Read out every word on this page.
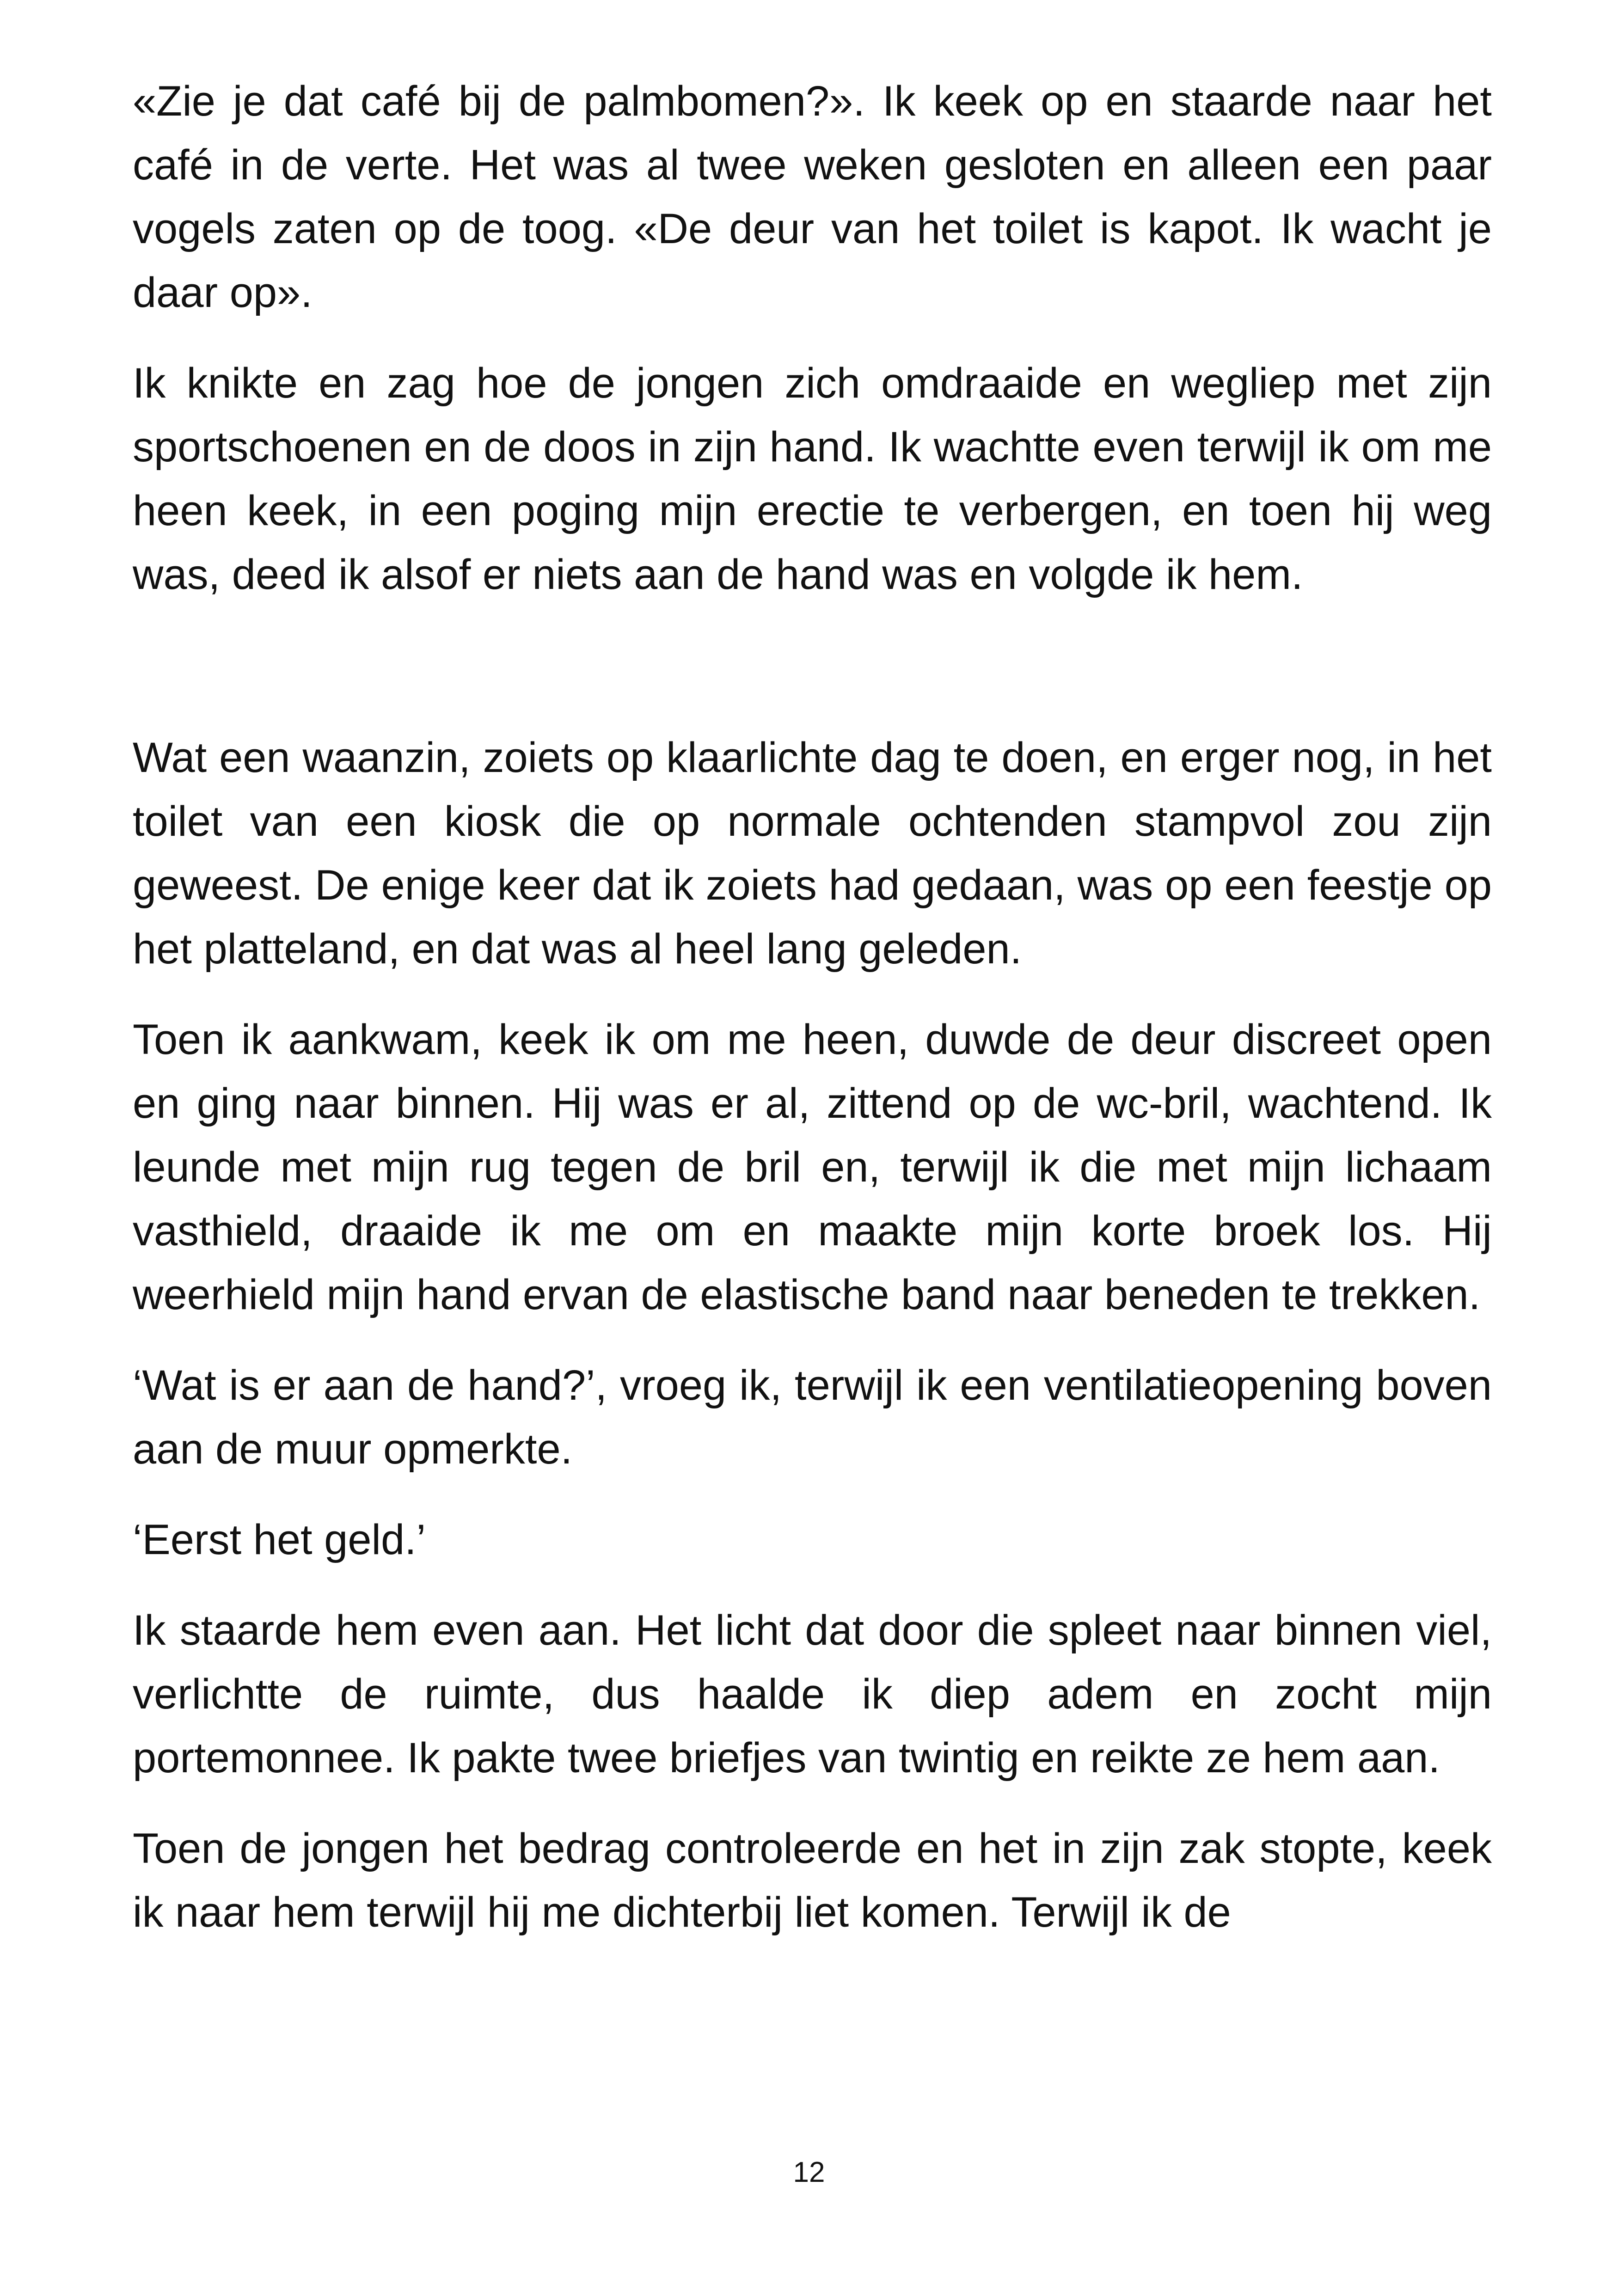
«Zie je dat café bij de palmbomen?». Ik keek op en staarde naar het café in de verte. Het was al twee weken gesloten en alleen een paar vogels zaten op de toog. «De deur van het toilet is kapot. Ik wacht je daar op».

Ik knikte en zag hoe de jongen zich omdraaide en wegliep met zijn sportschoenen en de doos in zijn hand. Ik wachtte even terwijl ik om me heen keek, in een poging mijn erectie te verbergen, en toen hij weg was, deed ik alsof er niets aan de hand was en volgde ik hem.

Wat een waanzin, zoiets op klaarlichte dag te doen, en erger nog, in het toilet van een kiosk die op normale ochtenden stampvol zou zijn geweest. De enige keer dat ik zoiets had gedaan, was op een feestje op het platteland, en dat was al heel lang geleden.

Toen ik aankwam, keek ik om me heen, duwde de deur discreet open en ging naar binnen. Hij was er al, zittend op de wc-bril, wachtend. Ik leunde met mijn rug tegen de bril en, terwijl ik die met mijn lichaam vasthield, draaide ik me om en maakte mijn korte broek los. Hij weerhield mijn hand ervan de elastische band naar beneden te trekken.

‘Wat is er aan de hand?’, vroeg ik, terwijl ik een ventilatieopening boven aan de muur opmerkte.

‘Eerst het geld.’

Ik staarde hem even aan. Het licht dat door die spleet naar binnen viel, verlichtte de ruimte, dus haalde ik diep adem en zocht mijn portemonnee. Ik pakte twee briefjes van twintig en reikte ze hem aan.

Toen de jongen het bedrag controleerde en het in zijn zak stopte, keek ik naar hem terwijl hij me dichterbij liet komen. Terwijl ik de

12
